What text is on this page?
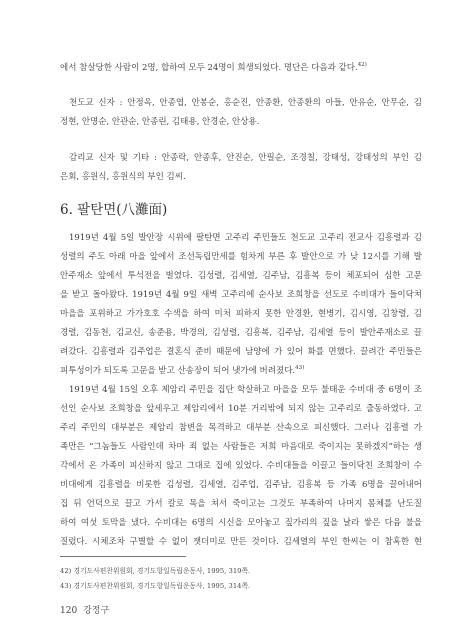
에서 참살당한 사람이 2명, 합하여 모두 24명이 희생되었다. 명단은 다음과 같다.$^{42)}$
천도교 신자 : 안정옥, 안종엽, 안봉순, 홍순진, 안종환, 안종환의 아들, 안유순, 안무순, 김
정현, 안명순, 안관순, 안종린, 김태용, 안경순, 안상용.
감리교 신자 및 기타 : 안종락, 안종후, 안진순, 안필순, 조경칠, 강태성, 강태성의 부인 김
은회, 홍원식, 홍원식의 부인 김씨.
6. 팔탄면(八灘面)
1919년 4월 5일 발안장 시위에 팔탄면 고주리 주민들도 천도교 고주리 전교사 김흥렬과 김
성렬의 주도 아래 마을 앞에서 조선독립만세를 힘차게 부른 후 발안으로 가 낮 12시를 기해 발
안주재소 앞에서 투석전을 벌였다. 김성렬, 김세열, 김주남, 김흥복 등이 체포되어 심한 고문
을 받고 돌아왔다. 1919년 4월 9일 새벽 고주리에 순사보 조희창을 선도로 수비대가 들이닥쳐
마을을 포위하고 가가호호 수색을 하여 미처 피하지 못한 안경환, 현병기, 김시영, 김창렬, 김
경렬, 김동천, 김교신, 송준용, 박경의, 김성렬, 김흥복, 김주남, 김세열 등이 발안주재소로 끌
려갔다. 김흥렬과 김주업은 결혼식 준비 때문에 남양에 가 있어 화를 면했다. 끌려간 주민들은
피투성이가 되도록 고문을 받고 산송장이 되어 냇가에 버려졌다.$^{43)}$
1919년 4월 15일 오후 제암리 주민을 집단 학살하고 마을을 모두 불태운 수비대 중 6명이 조
선인 순사보 조희창을 앞세우고 제암리에서 10분 거리밖에 되지 않는 고주리로 출동하였다. 고
주리 주민의 대부분은 제암리 참변을 목격하고 대부분 산속으로 피신했다. 그러나 김흥렬 가
족만은 “그놈들도 사람인데 차마 죄 없는 사람들은 저희 마음대로 죽이지는 못하겠지”하는 생
각에서 온 가족이 피신하지 않고 그대로 집에 있었다. 수비대들을 이끌고 들이닥친 조희창이 수
비대에게 김흥렬을 비롯한 김성렬, 김세열, 김주업, 김주남, 김흥복 등 가족 6명을 끌어내어
집 뒤 언덕으로 끌고 가서 칼로 목을 쳐서 죽이고는 그것도 부족하여 나머지 몸체를 난도질
하여 여섯 토막을 냈다. 수비대는 6명의 시신을 모아놓고 짚가리의 짚을 날라 쌓은 다음 불을
질렀다. 시체조차 구별할 수 없이 잿더미로 만든 것이다. 김세열의 부인 한씨는 이 참혹한 현
42) 경기도사편찬위원회, 경기도항일독립운동사, 1995, 319쪽.
43) 경기도사편찬위원회, 경기도항일독립운동사, 1995, 314쪽.
120 강정구
